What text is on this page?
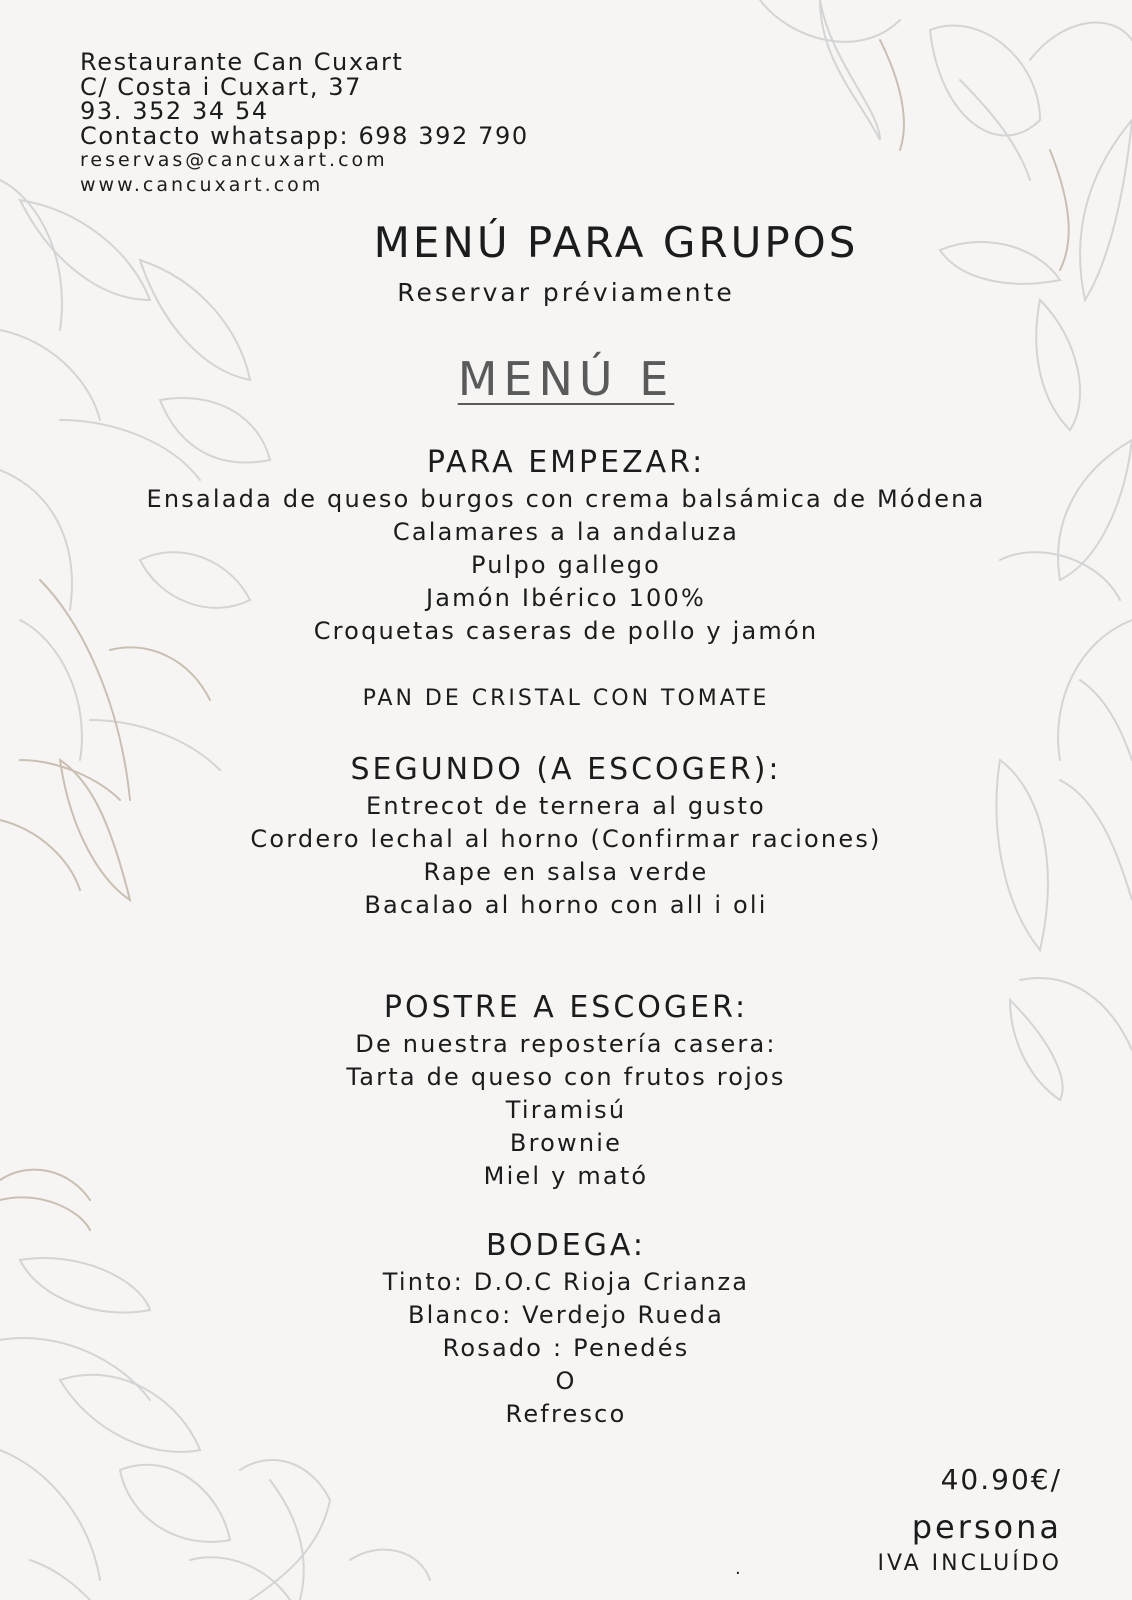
Restaurante Can Cuxart
C/ Costa i Cuxart, 37
93. 352 34 54
Contacto whatsapp: 698 392 790
reservas@cancuxart.com
www.cancuxart.com
MENÚ PARA GRUPOS
Reservar préviamente
MENÚ E
PARA EMPEZAR:
Ensalada de queso burgos con crema balsámica de Módena
Calamares a la andaluza
Pulpo gallego
Jamón Ibérico 100%
Croquetas caseras de pollo y jamón
PAN DE CRISTAL CON TOMATE
SEGUNDO (A ESCOGER):
Entrecot de ternera al gusto
Cordero lechal al horno (Confirmar raciones)
Rape en salsa verde
Bacalao al horno con all i oli
POSTRE A ESCOGER:
De nuestra repostería casera:
Tarta de queso con frutos rojos
Tiramisú
Brownie
Miel y mató
BODEGA:
Tinto: D.O.C Rioja Crianza
Blanco: Verdejo Rueda
Rosado : Penedés
O
Refresco
.
40.90€/
persona
IVA INCLUÍDO
